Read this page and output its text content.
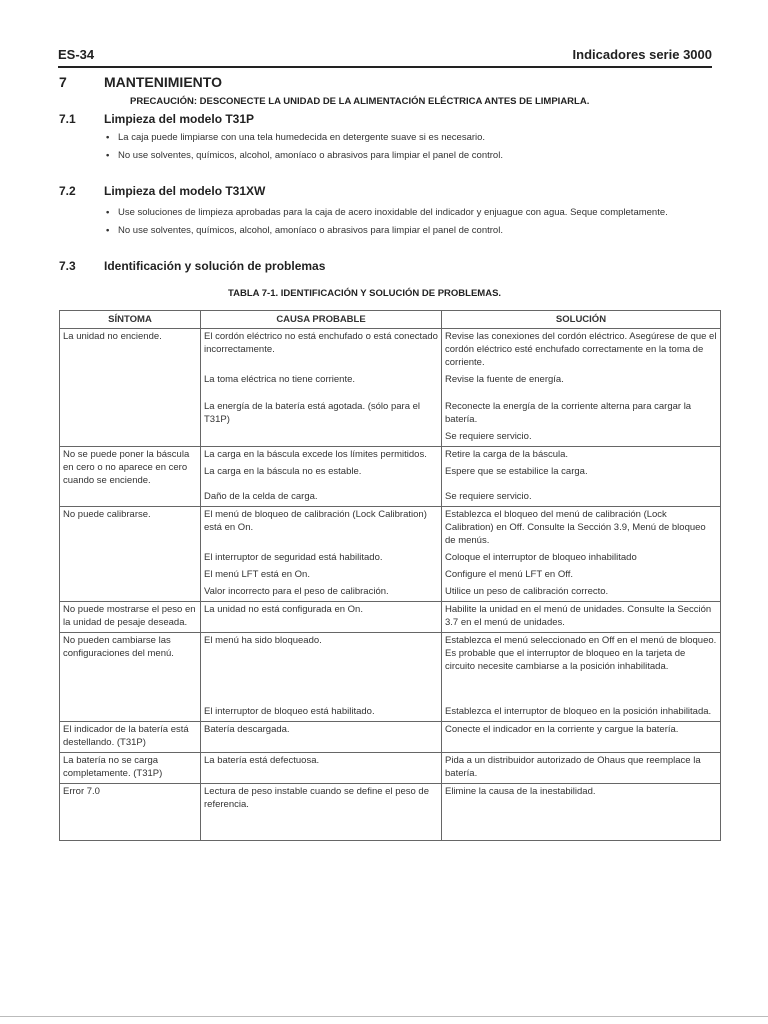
ES-34	Indicadores serie 3000
7	MANTENIMIENTO
PRECAUCIÓN: DESCONECTE LA UNIDAD DE LA ALIMENTACIÓN ELÉCTRICA ANTES DE LIMPIARLA.
7.1 Limpieza del modelo T31P
• La caja puede limpiarse con una tela humedecida en detergente suave si es necesario.
• No use solventes, químicos, alcohol, amoníaco o abrasivos para limpiar el panel de control.
7.2 Limpieza del modelo T31XW
• Use soluciones de limpieza aprobadas para la caja de acero inoxidable del indicador y enjuague con agua. Seque completamente.
• No use solventes, químicos, alcohol, amoníaco o abrasivos para limpiar el panel de control.
7.3 Identificación y solución de problemas
TABLA 7-1. IDENTIFICACIÓN Y SOLUCIÓN DE PROBLEMAS.
SÍNTOMA	CAUSA PROBABLE	SOLUCIÓN
La unidad no enciende.	El cordón eléctrico no está enchufado o está conectado incorrectamente.	Revise las conexiones del cordón eléctrico. Asegúrese de que el cordón eléctrico esté enchufado correctamente en la toma de corriente.
	La toma eléctrica no tiene corriente.	Revise la fuente de energía.
	La energía de la batería está agotada. (sólo para el T31P)	Reconecte la energía de la corriente alterna para cargar la batería.
		Se requiere servicio.
No se puede poner la báscula en cero o no aparece en cero cuando se enciende.	La carga en la báscula excede los límites permitidos.	Retire la carga de la báscula.
	La carga en la báscula no es estable.	Espere que se estabilice la carga.
	Daño de la celda de carga.	Se requiere servicio.
No puede calibrarse.	El menú de bloqueo de calibración (Lock Calibration) está en On.	Establezca el bloqueo del menú de calibración (Lock Calibration) en Off. Consulte la Sección 3.9, Menú de bloqueo de menús.
	El interruptor de seguridad está habilitado.	Coloque el interruptor de bloqueo inhabilitado
	El menú LFT está en On.	Configure el menú LFT en Off.
	Valor incorrecto para el peso de calibración.	Utilice un peso de calibración correcto.
No puede mostrarse el peso en la unidad de pesaje deseada.	La unidad no está configurada en On.	Habilite la unidad en el menú de unidades. Consulte la Sección 3.7 en el menú de unidades.
No pueden cambiarse las configuraciones del menú.	El menú ha sido bloqueado.	Establezca el menú seleccionado en Off en el menú de bloqueo. Es probable que el interruptor de bloqueo en la tarjeta de circuito necesite cambiarse a la posición inhabilitada.
	El interruptor de bloqueo está habilitado.	Establezca el interruptor de bloqueo en la posición inhabilitada.
El indicador de la batería está destellando. (T31P)	Batería descargada.	Conecte el indicador en la corriente y cargue la batería.
La batería no se carga completamente. (T31P)	La batería está defectuosa.	Pida a un distribuidor autorizado de Ohaus que reemplace la batería.
Error 7.0	Lectura de peso instable cuando se define el peso de referencia.	Elimine la causa de la inestabilidad.
